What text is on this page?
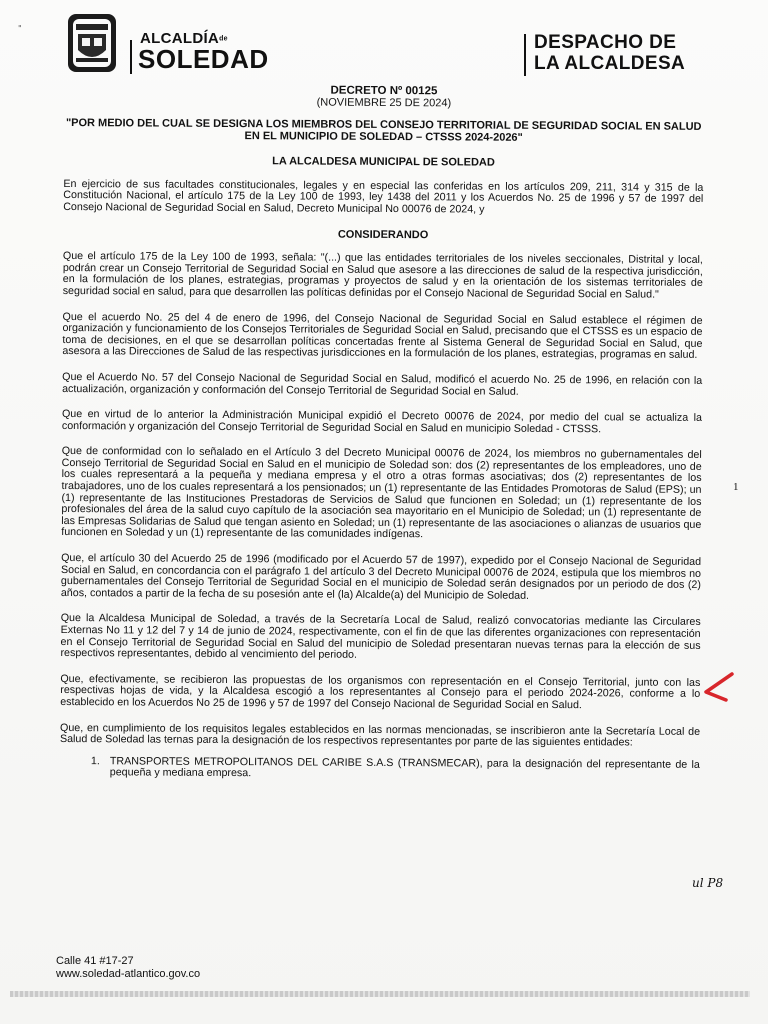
"
ALCALDÍAde
SOLEDAD
DESPACHO DE
LA ALCALDESA
DECRETO Nº 00125
(NOVIEMBRE 25 DE 2024)
"POR MEDIO DEL CUAL SE DESIGNA LOS MIEMBROS DEL CONSEJO TERRITORIAL DE SEGURIDAD SOCIAL EN SALUD EN EL MUNICIPIO DE SOLEDAD – CTSSS 2024-2026"
LA ALCALDESA MUNICIPAL DE SOLEDAD

En ejercicio de sus facultades constitucionales, legales y en especial las conferidas en los artículos 209, 211, 314 y 315 de la Constitución Nacional, el artículo 175 de la Ley 100 de 1993, ley 1438 del 2011 y los Acuerdos No. 25 de 1996 y 57 de 1997 del Consejo Nacional de Seguridad Social en Salud, Decreto Municipal No 00076 de 2024, y

CONSIDERANDO

Que el artículo 175 de la Ley 100 de 1993, señala: "(...) que las entidades territoriales de los niveles seccionales, Distrital y local, podrán crear un Consejo Territorial de Seguridad Social en Salud que asesore a las direcciones de salud de la respectiva jurisdicción, en la formulación de los planes, estrategias, programas y proyectos de salud y en la orientación de los sistemas territoriales de seguridad social en salud, para que desarrollen las políticas definidas por el Consejo Nacional de Seguridad Social en Salud."

Que el acuerdo No. 25 del 4 de enero de 1996, del Consejo Nacional de Seguridad Social en Salud establece el régimen de organización y funcionamiento de los Consejos Territoriales de Seguridad Social en Salud, precisando que el CTSSS es un espacio de toma de decisiones, en el que se desarrollan políticas concertadas frente al Sistema General de Seguridad Social en Salud, que asesora a las Direcciones de Salud de las respectivas jurisdicciones en la formulación de los planes, estrategias, programas en salud.

Que el Acuerdo No. 57 del Consejo Nacional de Seguridad Social en Salud, modificó el acuerdo No. 25 de 1996, en relación con la actualización, organización y conformación del Consejo Territorial de Seguridad Social en Salud.

Que en virtud de lo anterior la Administración Municipal expidió el Decreto 00076 de 2024, por medio del cual se actualiza la conformación y organización del Consejo Territorial de Seguridad Social en Salud en municipio Soledad - CTSSS.

Que de conformidad con lo señalado en el Artículo 3 del Decreto Municipal 00076 de 2024, los miembros no gubernamentales del Consejo Territorial de Seguridad Social en Salud en el municipio de Soledad son: dos (2) representantes de los empleadores, uno de los cuales representará a la pequeña y mediana empresa y el otro a otras formas asociativas; dos (2) representantes de los trabajadores, uno de los cuales representará a los pensionados; un (1) representante de las Entidades Promotoras de Salud (EPS); un (1) representante de las Instituciones Prestadoras de Servicios de Salud que funcionen en Soledad; un (1) representante de los profesionales del área de la salud cuyo capítulo de la asociación sea mayoritario en el Municipio de Soledad; un (1) representante de las Empresas Solidarias de Salud que tengan asiento en Soledad; un (1) representante de las asociaciones o alianzas de usuarios que funcionen en Soledad y un (1) representante de las comunidades indígenas.

Que, el artículo 30 del Acuerdo 25 de 1996 (modificado por el Acuerdo 57 de 1997), expedido por el Consejo Nacional de Seguridad Social en Salud, en concordancia con el parágrafo 1 del artículo 3 del Decreto Municipal 00076 de 2024, estipula que los miembros no gubernamentales del Consejo Territorial de Seguridad Social en el municipio de Soledad serán designados por un periodo de dos (2) años, contados a partir de la fecha de su posesión ante el (la) Alcalde(a) del Municipio de Soledad.

Que la Alcaldesa Municipal de Soledad, a través de la Secretaría Local de Salud, realizó convocatorias mediante las Circulares Externas No 11 y 12 del 7 y 14 de junio de 2024, respectivamente, con el fin de que las diferentes organizaciones con representación en el Consejo Territorial de Seguridad Social en Salud del municipio de Soledad presentaran nuevas ternas para la elección de sus respectivos representantes, debido al vencimiento del periodo.

Que, efectivamente, se recibieron las propuestas de los organismos con representación en el Consejo Territorial, junto con las respectivas hojas de vida, y la Alcaldesa escogió a los representantes al Consejo para el periodo 2024-2026, conforme a lo establecido en los Acuerdos No 25 de 1996 y 57 de 1997 del Consejo Nacional de Seguridad Social en Salud.

Que, en cumplimiento de los requisitos legales establecidos en las normas mencionadas, se inscribieron ante la Secretaría Local de Salud de Soledad las ternas para la designación de los respectivos representantes por parte de las siguientes entidades:

1. TRANSPORTES METROPOLITANOS DEL CARIBE S.A.S (TRANSMECAR), para la designación del representante de la pequeña y mediana empresa.
1
ul P8
Calle 41 #17-27
www.soledad-atlantico.gov.co
